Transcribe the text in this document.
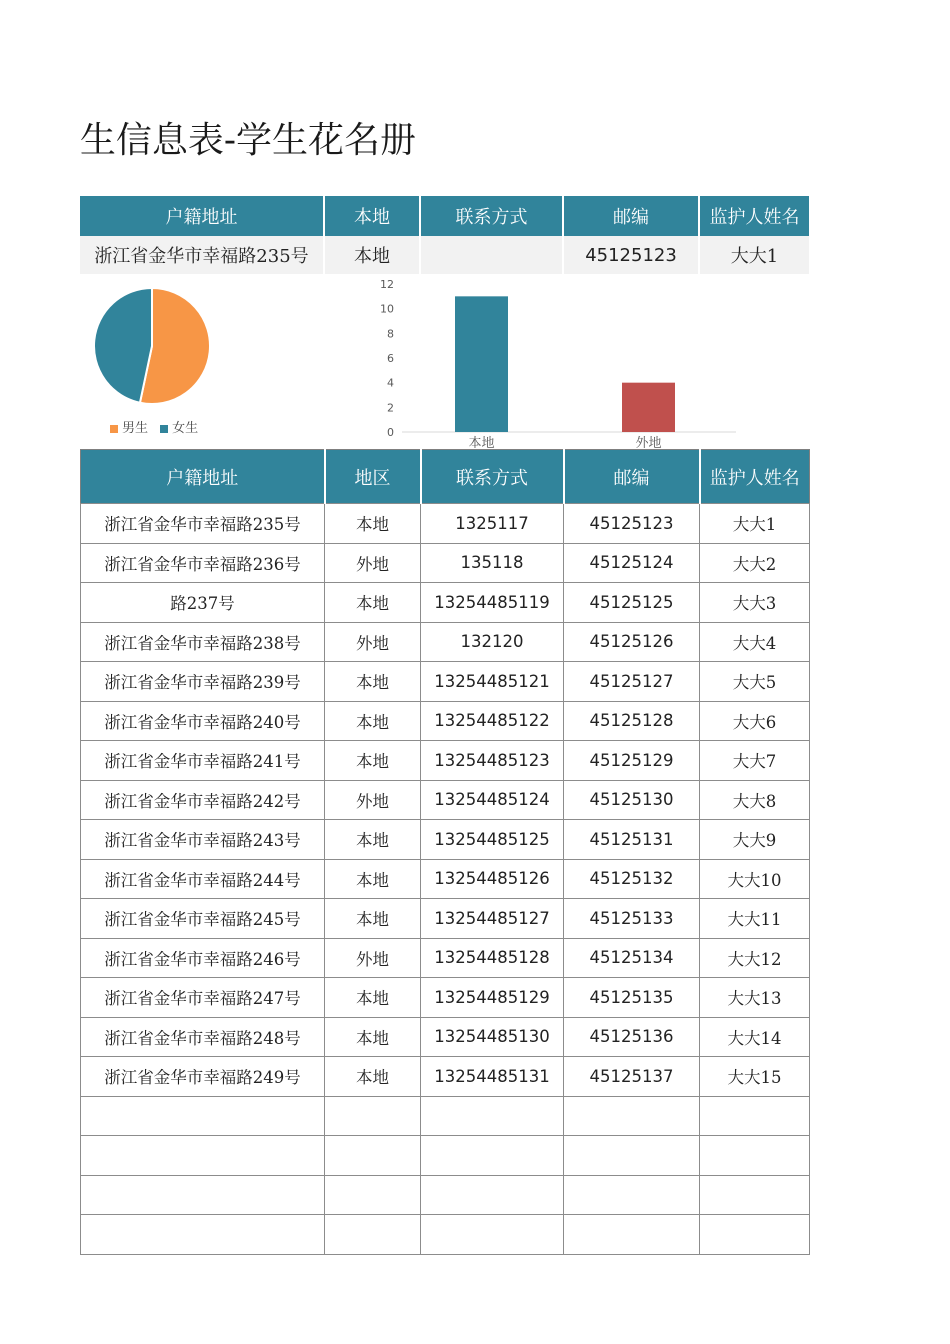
生信息表-学生花名册
户籍地址	本地	联系方式	邮编	监护人姓名
浙江省金华市幸福路235号	本地		45125123	大大1
男生 女生	0
2
4
6
8
10
12
本地	外地
户籍地址	地区	联系方式	邮编	监护人姓名
浙江省金华市幸福路235号	本地	1325117	45125123	大大1
浙江省金华市幸福路236号	外地	135118	45125124	大大2
路237号	本地	13254485119	45125125	大大3
浙江省金华市幸福路238号	外地	132120	45125126	大大4
浙江省金华市幸福路239号	本地	13254485121	45125127	大大5
浙江省金华市幸福路240号	本地	13254485122	45125128	大大6
浙江省金华市幸福路241号	本地	13254485123	45125129	大大7
浙江省金华市幸福路242号	外地	13254485124	45125130	大大8
浙江省金华市幸福路243号	本地	13254485125	45125131	大大9
浙江省金华市幸福路244号	本地	13254485126	45125132	大大10
浙江省金华市幸福路245号	本地	13254485127	45125133	大大11
浙江省金华市幸福路246号	外地	13254485128	45125134	大大12
浙江省金华市幸福路247号	本地	13254485129	45125135	大大13
浙江省金华市幸福路248号	本地	13254485130	45125136	大大14
浙江省金华市幸福路249号	本地	13254485131	45125137	大大15
